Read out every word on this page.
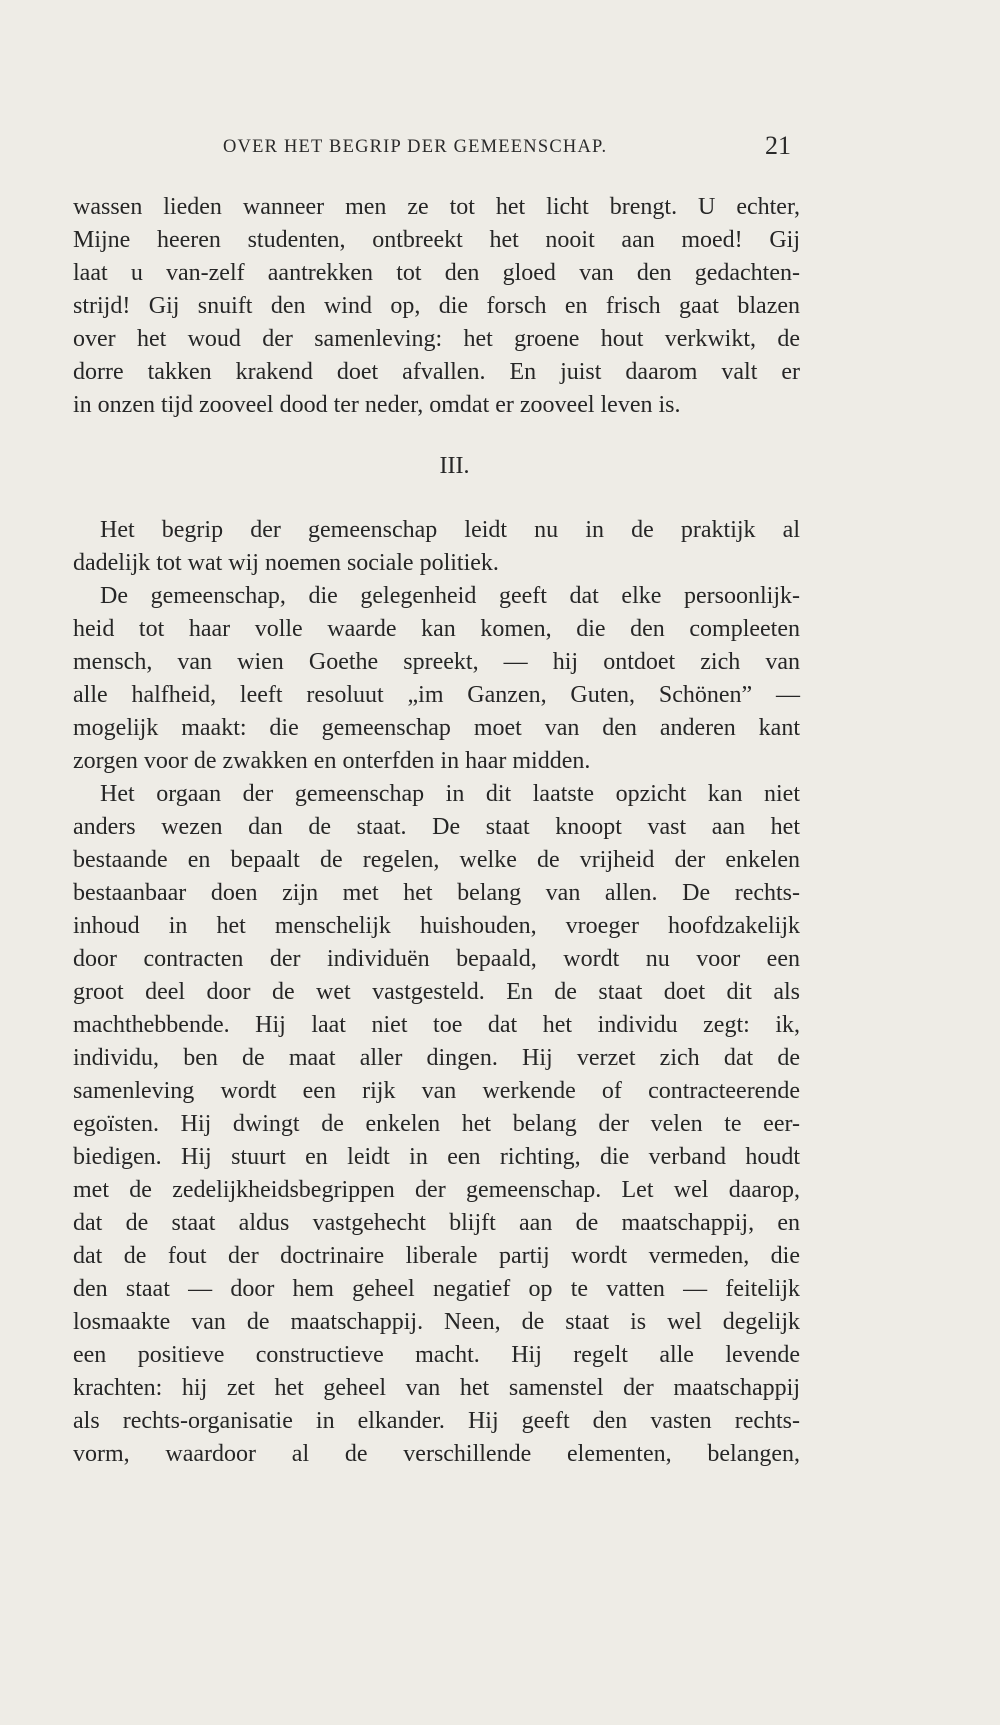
OVER HET BEGRIP DER GEMEENSCHAP.	21
wassen lieden wanneer men ze tot het licht brengt. U echter,
Mijne heeren studenten, ontbreekt het nooit aan moed! Gij
laat u van-zelf aantrekken tot den gloed van den gedachten-
strijd! Gij snuift den wind op, die forsch en frisch gaat blazen
over het woud der samenleving: het groene hout verkwikt, de
dorre takken krakend doet afvallen. En juist daarom valt er
in onzen tijd zooveel dood ter neder, omdat er zooveel leven is.
III.
Het begrip der gemeenschap leidt nu in de praktijk al
dadelijk tot wat wij noemen sociale politiek.
De gemeenschap, die gelegenheid geeft dat elke persoonlijk-
heid tot haar volle waarde kan komen, die den compleeten
mensch, van wien Goethe spreekt, — hij ontdoet zich van
alle halfheid, leeft resoluut „im Ganzen, Guten, Schönen” —
mogelijk maakt: die gemeenschap moet van den anderen kant
zorgen voor de zwakken en onterfden in haar midden.
Het orgaan der gemeenschap in dit laatste opzicht kan niet
anders wezen dan de staat. De staat knoopt vast aan het
bestaande en bepaalt de regelen, welke de vrijheid der enkelen
bestaanbaar doen zijn met het belang van allen. De rechts-
inhoud in het menschelijk huishouden, vroeger hoofdzakelijk
door contracten der individuën bepaald, wordt nu voor een
groot deel door de wet vastgesteld. En de staat doet dit als
machthebbende. Hij laat niet toe dat het individu zegt: ik,
individu, ben de maat aller dingen. Hij verzet zich dat de
samenleving wordt een rijk van werkende of contracteerende
egoïsten. Hij dwingt de enkelen het belang der velen te eer-
biedigen. Hij stuurt en leidt in een richting, die verband houdt
met de zedelijkheidsbegrippen der gemeenschap. Let wel daarop,
dat de staat aldus vastgehecht blijft aan de maatschappij, en
dat de fout der doctrinaire liberale partij wordt vermeden, die
den staat — door hem geheel negatief op te vatten — feitelijk
losmaakte van de maatschappij. Neen, de staat is wel degelijk
een positieve constructieve macht. Hij regelt alle levende
krachten: hij zet het geheel van het samenstel der maatschappij
als rechts-organisatie in elkander. Hij geeft den vasten rechts-
vorm, waardoor al de verschillende elementen, belangen,
